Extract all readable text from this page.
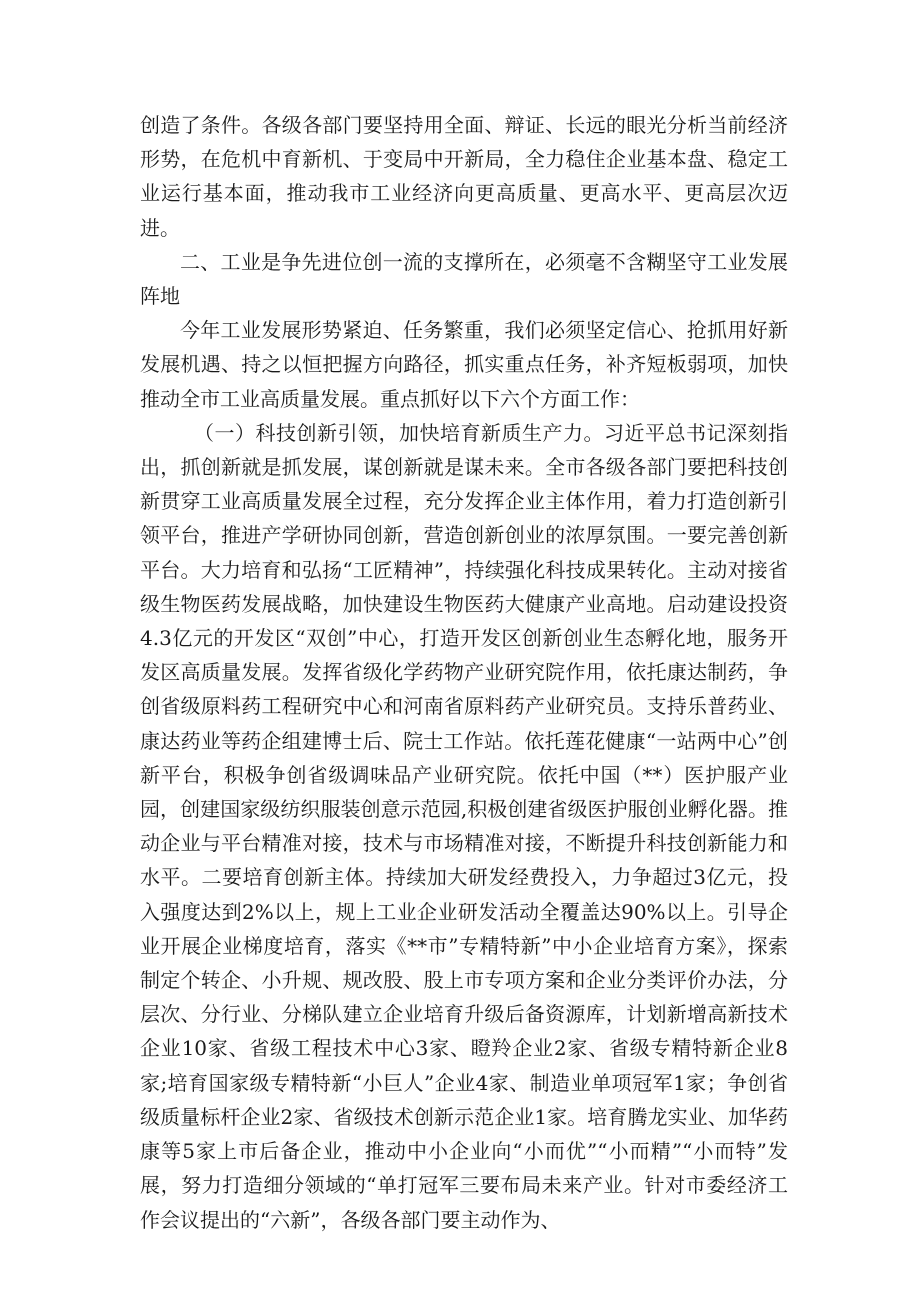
创造了条件。各级各部门要坚持用全面、辩证、长远的眼光分析当前经济形势，在危机中育新机、于变局中开新局，全力稳住企业基本盘、稳定工业运行基本面，推动我市工业经济向更高质量、更高水平、更高层次迈进。

二、工业是争先进位创一流的支撑所在，必须毫不含糊坚守工业发展阵地

今年工业发展形势紧迫、任务繁重，我们必须坚定信心、抢抓用好新发展机遇、持之以恒把握方向路径，抓实重点任务，补齐短板弱项，加快推动全市工业高质量发展。重点抓好以下六个方面工作：

（一）科技创新引领，加快培育新质生产力。习近平总书记深刻指出，抓创新就是抓发展，谋创新就是谋未来。全市各级各部门要把科技创新贯穿工业高质量发展全过程，充分发挥企业主体作用，着力打造创新引领平台，推进产学研协同创新，营造创新创业的浓厚氛围。一要完善创新平台。大力培育和弘扬“工匠精神”，持续强化科技成果转化。主动对接省级生物医药发展战略，加快建设生物医药大健康产业高地。启动建设投资4.3亿元的开发区“双创”中心，打造开发区创新创业生态孵化地，服务开发区高质量发展。发挥省级化学药物产业研究院作用，依托康达制药，争创省级原料药工程研究中心和河南省原料药产业研究员。支持乐普药业、康达药业等药企组建博士后、院士工作站。依托莲花健康“一站两中心”创新平台，积极争创省级调味品产业研究院。依托中国（**）医护服产业园，创建国家级纺织服装创意示范园,积极创建省级医护服创业孵化器。推动企业与平台精准对接，技术与市场精准对接，不断提升科技创新能力和水平。二要培育创新主体。持续加大研发经费投入，力争超过3亿元，投入强度达到2%以上，规上工业企业研发活动全覆盖达90%以上。引导企业开展企业梯度培育，落实《**市”专精特新”中小企业培育方案》，探索制定个转企、小升规、规改股、股上市专项方案和企业分类评价办法，分层次、分行业、分梯队建立企业培育升级后备资源库，计划新增高新技术企业10家、省级工程技术中心3家、瞪羚企业2家、省级专精特新企业8家;培育国家级专精特新“小巨人”企业4家、制造业单项冠军1家；争创省级质量标杆企业2家、省级技术创新示范企业1家。培育腾龙实业、加华药康等5家上市后备企业，推动中小企业向“小而优”“小而精”“小而特”发展，努力打造细分领域的“单打冠军三要布局未来产业。针对市委经济工作会议提出的“六新”，各级各部门要主动作为、
